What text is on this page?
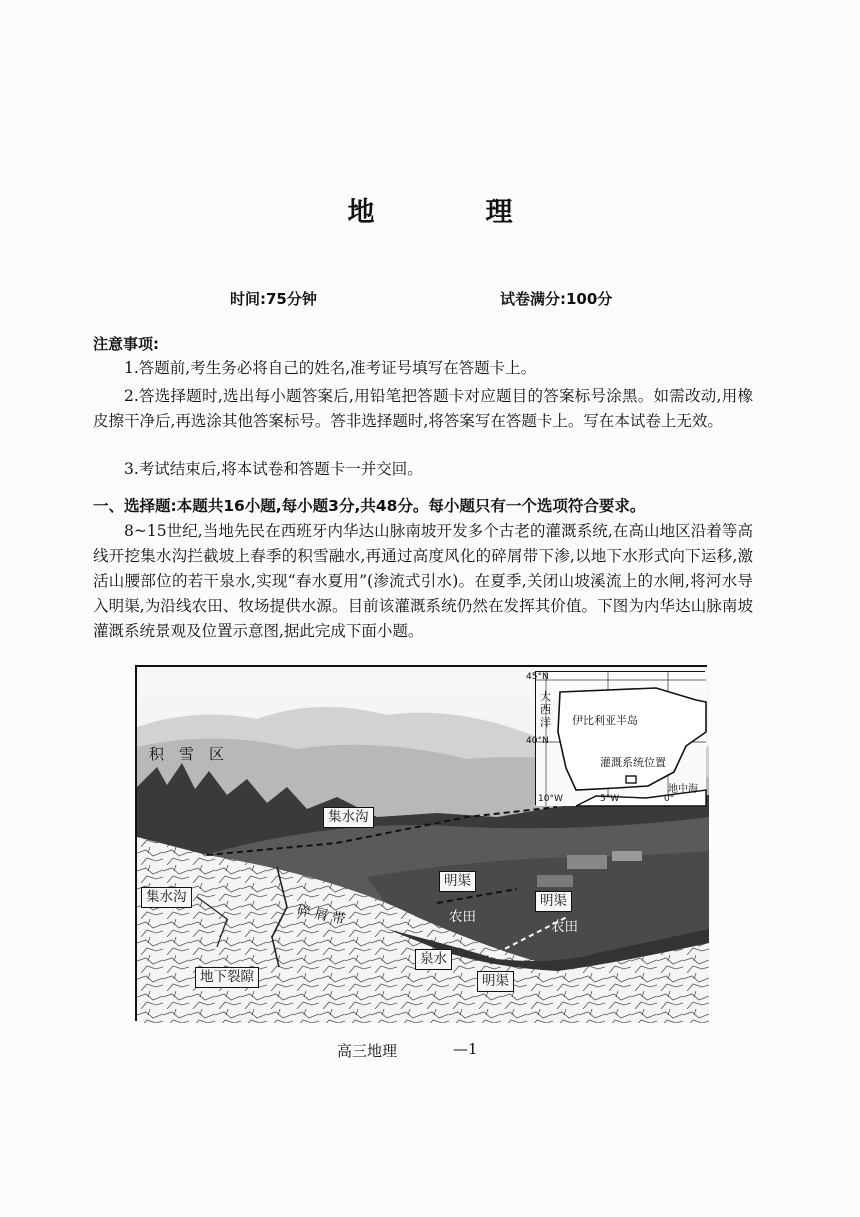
地　理
时间:75分钟	试卷满分:100分
注意事项:
1.答题前,考生务必将自己的姓名,准考证号填写在答题卡上。
2.答选择题时,选出每小题答案后,用铅笔把答题卡对应题目的答案标号涂黑。如需改动,用橡皮擦干净后,再选涂其他答案标号。答非选择题时,将答案写在答题卡上。写在本试卷上无效。
3.考试结束后,将本试卷和答题卡一并交回。
一、选择题:本题共16小题,每小题3分,共48分。每小题只有一个选项符合要求。
8~15世纪,当地先民在西班牙内华达山脉南坡开发多个古老的灌溉系统,在高山地区沿着等高线开挖集水沟拦截坡上春季的积雪融水,再通过高度风化的碎屑带下渗,以地下水形式向下运移,激活山腰部位的若干泉水,实现“春水夏用”(渗流式引水)。在夏季,关闭山坡溪流上的水闸,将河水导入明渠,为沿线农田、牧场提供水源。目前该灌溉系统仍然在发挥其价值。下图为内华达山脉南坡灌溉系统景观及位置示意图,据此完成下面小题。
45°N
40°N
10°W	5°W	0°
大西洋 伊比利亚半岛
灌溉系统位置
地中海
积　雪　区
集水沟
集水沟
明渠
农田
明渠
农田
碎 屑 带
泉水
地下裂隙	明渠
高三地理	—1
